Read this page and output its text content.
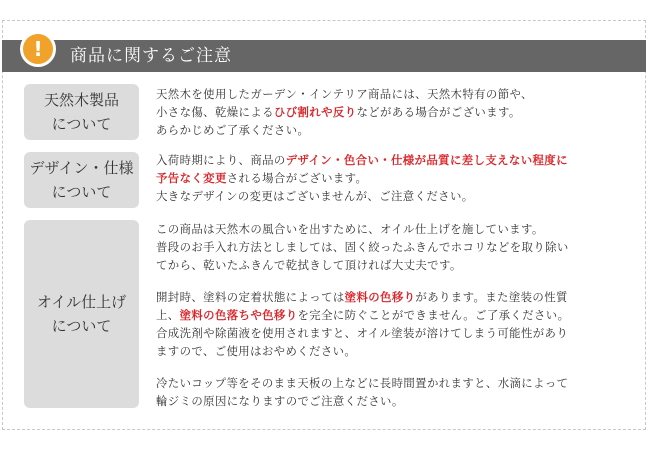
! 商品に関するご注意
天然木製品
について
デザイン・仕様
について
オイル仕上げ
について
天然木を使用したガーデン・インテリア商品には、天然木特有の節や、
小さな傷、乾燥によるひび割れや反りなどがある場合がございます。
あらかじめご了承ください。
入荷時期により、商品のデザイン・色合い・仕様が品質に差し支えない程度に
予告なく変更される場合がございます。
大きなデザインの変更はございませんが、ご注意ください。
この商品は天然木の風合いを出すために、オイル仕上げを施しています。
普段のお手入れ方法としましては、固く絞ったふきんでホコリなどを取り除い
てから、乾いたふきんで乾拭きして頂ければ大丈夫です。
開封時、塗料の定着状態によっては塗料の色移りがあります。また塗装の性質
上、塗料の色落ちや色移りを完全に防ぐことができません。ご了承ください。
合成洗剤や除菌液を使用されますと、オイル塗装が溶けてしまう可能性があり
ますので、ご使用はおやめください。
冷たいコップ等をそのまま天板の上などに長時間置かれますと、水滴によって
輪ジミの原因になりますのでご注意ください。
